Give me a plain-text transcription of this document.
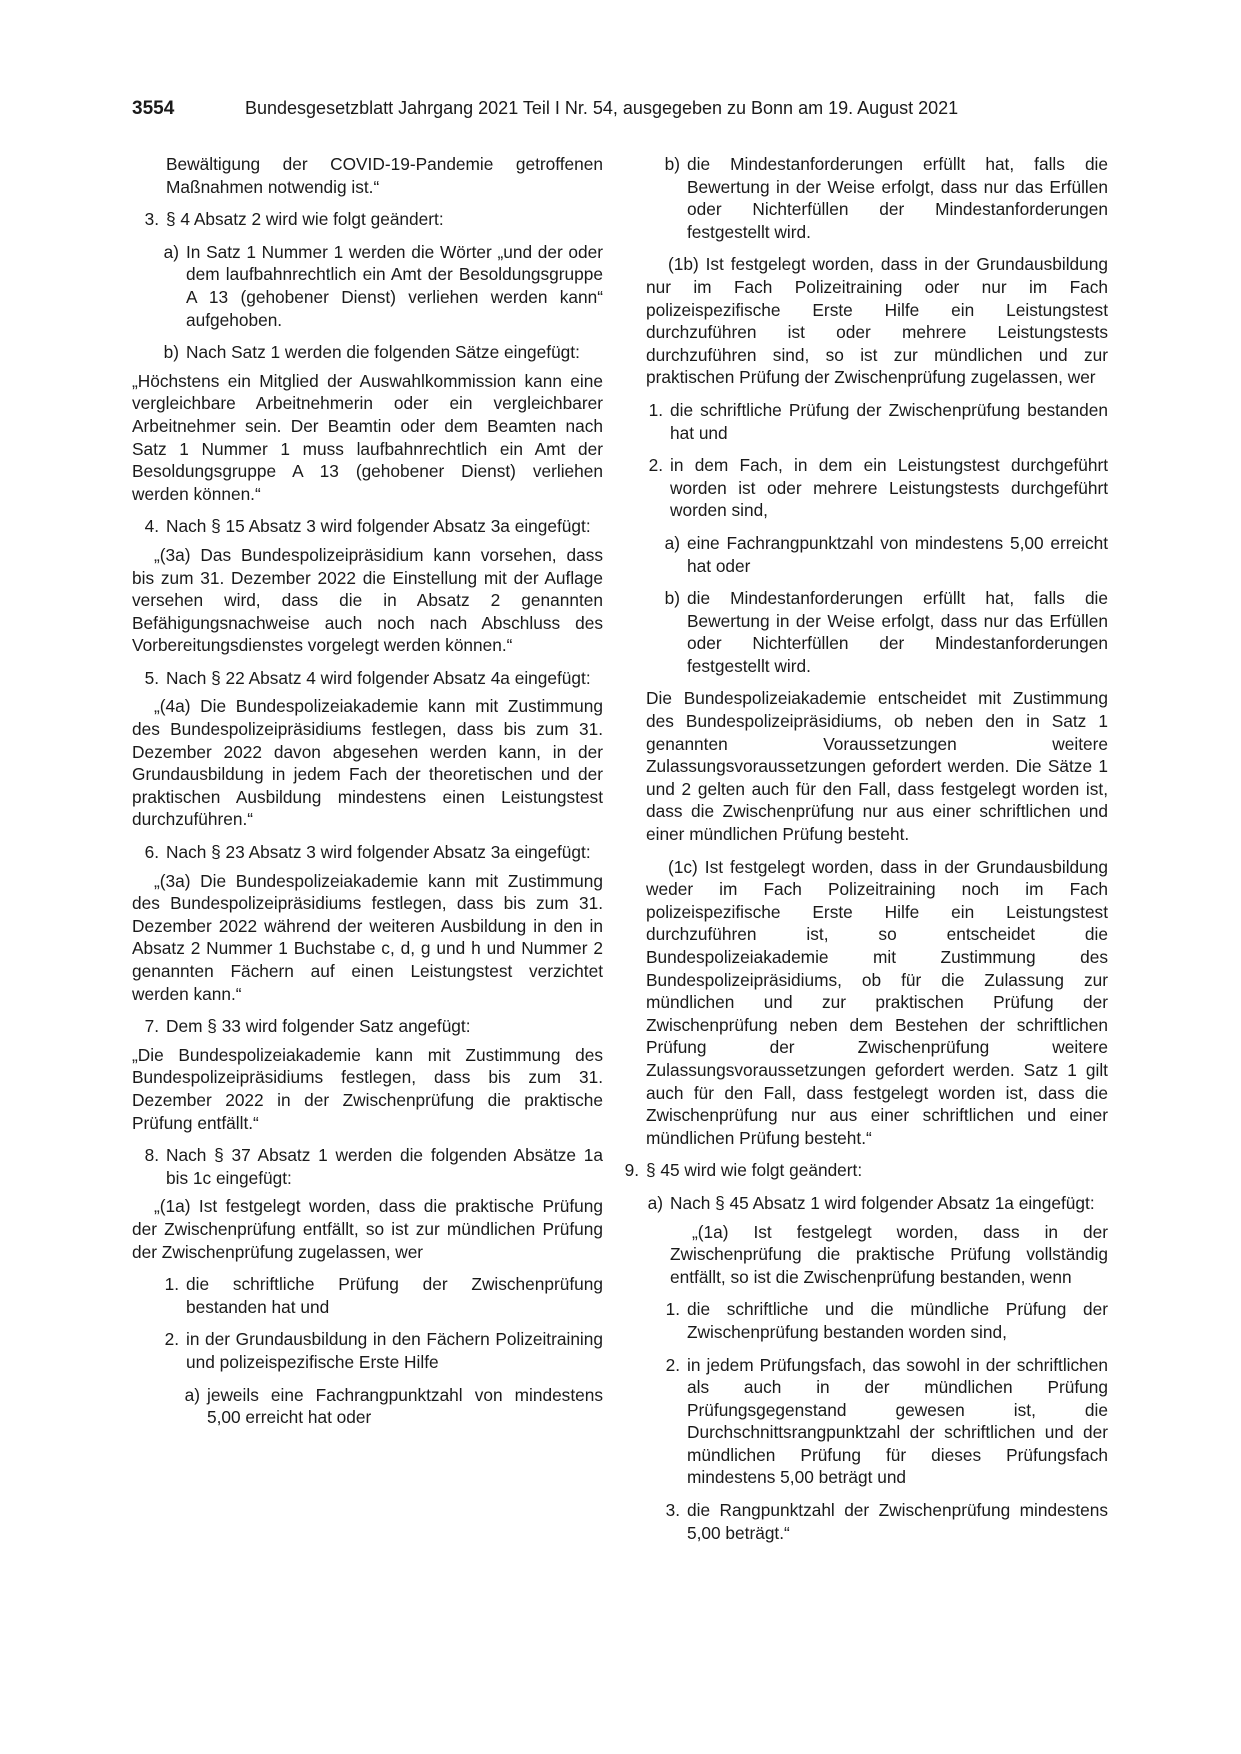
3554	Bundesgesetzblatt Jahrgang 2021 Teil I Nr. 54, ausgegeben zu Bonn am 19. August 2021

Bewältigung der COVID-19-Pandemie getroffenen Maßnahmen notwendig ist.“

3. § 4 Absatz 2 wird wie folgt geändert:
a) In Satz 1 Nummer 1 werden die Wörter „und der oder dem laufbahnrechtlich ein Amt der Besoldungsgruppe A 13 (gehobener Dienst) verliehen werden kann“ aufgehoben.
b) Nach Satz 1 werden die folgenden Sätze eingefügt:

„Höchstens ein Mitglied der Auswahlkommission kann eine vergleichbare Arbeitnehmerin oder ein vergleichbarer Arbeitnehmer sein. Der Beamtin oder dem Beamten nach Satz 1 Nummer 1 muss laufbahnrechtlich ein Amt der Besoldungsgruppe A 13 (gehobener Dienst) verliehen werden können.“

4. Nach § 15 Absatz 3 wird folgender Absatz 3a eingefügt:

„(3a) Das Bundespolizeipräsidium kann vorsehen, dass bis zum 31. Dezember 2022 die Einstellung mit der Auflage versehen wird, dass die in Absatz 2 genannten Befähigungsnachweise auch noch nach Abschluss des Vorbereitungsdienstes vorgelegt werden können.“

5. Nach § 22 Absatz 4 wird folgender Absatz 4a eingefügt:

„(4a) Die Bundespolizeiakademie kann mit Zustimmung des Bundespolizeipräsidiums festlegen, dass bis zum 31. Dezember 2022 davon abgesehen werden kann, in der Grundausbildung in jedem Fach der theoretischen und der praktischen Ausbildung mindestens einen Leistungstest durchzuführen.“

6. Nach § 23 Absatz 3 wird folgender Absatz 3a eingefügt:

„(3a) Die Bundespolizeiakademie kann mit Zustimmung des Bundespolizeipräsidiums festlegen, dass bis zum 31. Dezember 2022 während der weiteren Ausbildung in den in Absatz 2 Nummer 1 Buchstabe c, d, g und h und Nummer 2 genannten Fächern auf einen Leistungstest verzichtet werden kann.“

7. Dem § 33 wird folgender Satz angefügt:

„Die Bundespolizeiakademie kann mit Zustimmung des Bundespolizeipräsidiums festlegen, dass bis zum 31. Dezember 2022 in der Zwischenprüfung die praktische Prüfung entfällt.“

8. Nach § 37 Absatz 1 werden die folgenden Absätze 1a bis 1c eingefügt:

„(1a) Ist festgelegt worden, dass die praktische Prüfung der Zwischenprüfung entfällt, so ist zur mündlichen Prüfung der Zwischenprüfung zugelassen, wer

1. die schriftliche Prüfung der Zwischenprüfung bestanden hat und
2. in der Grundausbildung in den Fächern Polizeitraining und polizeispezifische Erste Hilfe
a) jeweils eine Fachrangpunktzahl von mindestens 5,00 erreicht hat oder
b) die Mindestanforderungen erfüllt hat, falls die Bewertung in der Weise erfolgt, dass nur das Erfüllen oder Nichterfüllen der Mindestanforderungen festgestellt wird.

(1b) Ist festgelegt worden, dass in der Grundausbildung nur im Fach Polizeitraining oder nur im Fach polizeispezifische Erste Hilfe ein Leistungstest durchzuführen ist oder mehrere Leistungstests durchzuführen sind, so ist zur mündlichen und zur praktischen Prüfung der Zwischenprüfung zugelassen, wer

1. die schriftliche Prüfung der Zwischenprüfung bestanden hat und
2. in dem Fach, in dem ein Leistungstest durchgeführt worden ist oder mehrere Leistungstests durchgeführt worden sind,
a) eine Fachrangpunktzahl von mindestens 5,00 erreicht hat oder
b) die Mindestanforderungen erfüllt hat, falls die Bewertung in der Weise erfolgt, dass nur das Erfüllen oder Nichterfüllen der Mindestanforderungen festgestellt wird.

Die Bundespolizeiakademie entscheidet mit Zustimmung des Bundespolizeipräsidiums, ob neben den in Satz 1 genannten Voraussetzungen weitere Zulassungsvoraussetzungen gefordert werden. Die Sätze 1 und 2 gelten auch für den Fall, dass festgelegt worden ist, dass die Zwischenprüfung nur aus einer schriftlichen und einer mündlichen Prüfung besteht.

(1c) Ist festgelegt worden, dass in der Grundausbildung weder im Fach Polizeitraining noch im Fach polizeispezifische Erste Hilfe ein Leistungstest durchzuführen ist, so entscheidet die Bundespolizeiakademie mit Zustimmung des Bundespolizeipräsidiums, ob für die Zulassung zur mündlichen und zur praktischen Prüfung der Zwischenprüfung neben dem Bestehen der schriftlichen Prüfung der Zwischenprüfung weitere Zulassungsvoraussetzungen gefordert werden. Satz 1 gilt auch für den Fall, dass festgelegt worden ist, dass die Zwischenprüfung nur aus einer schriftlichen und einer mündlichen Prüfung besteht.“

9. § 45 wird wie folgt geändert:
a) Nach § 45 Absatz 1 wird folgender Absatz 1a eingefügt:

„(1a) Ist festgelegt worden, dass in der Zwischenprüfung die praktische Prüfung vollständig entfällt, so ist die Zwischenprüfung bestanden, wenn

1. die schriftliche und die mündliche Prüfung der Zwischenprüfung bestanden worden sind,
2. in jedem Prüfungsfach, das sowohl in der schriftlichen als auch in der mündlichen Prüfung Prüfungsgegenstand gewesen ist, die Durchschnittsrangpunktzahl der schriftlichen und der mündlichen Prüfung für dieses Prüfungsfach mindestens 5,00 beträgt und
3. die Rangpunktzahl der Zwischenprüfung mindestens 5,00 beträgt.“
